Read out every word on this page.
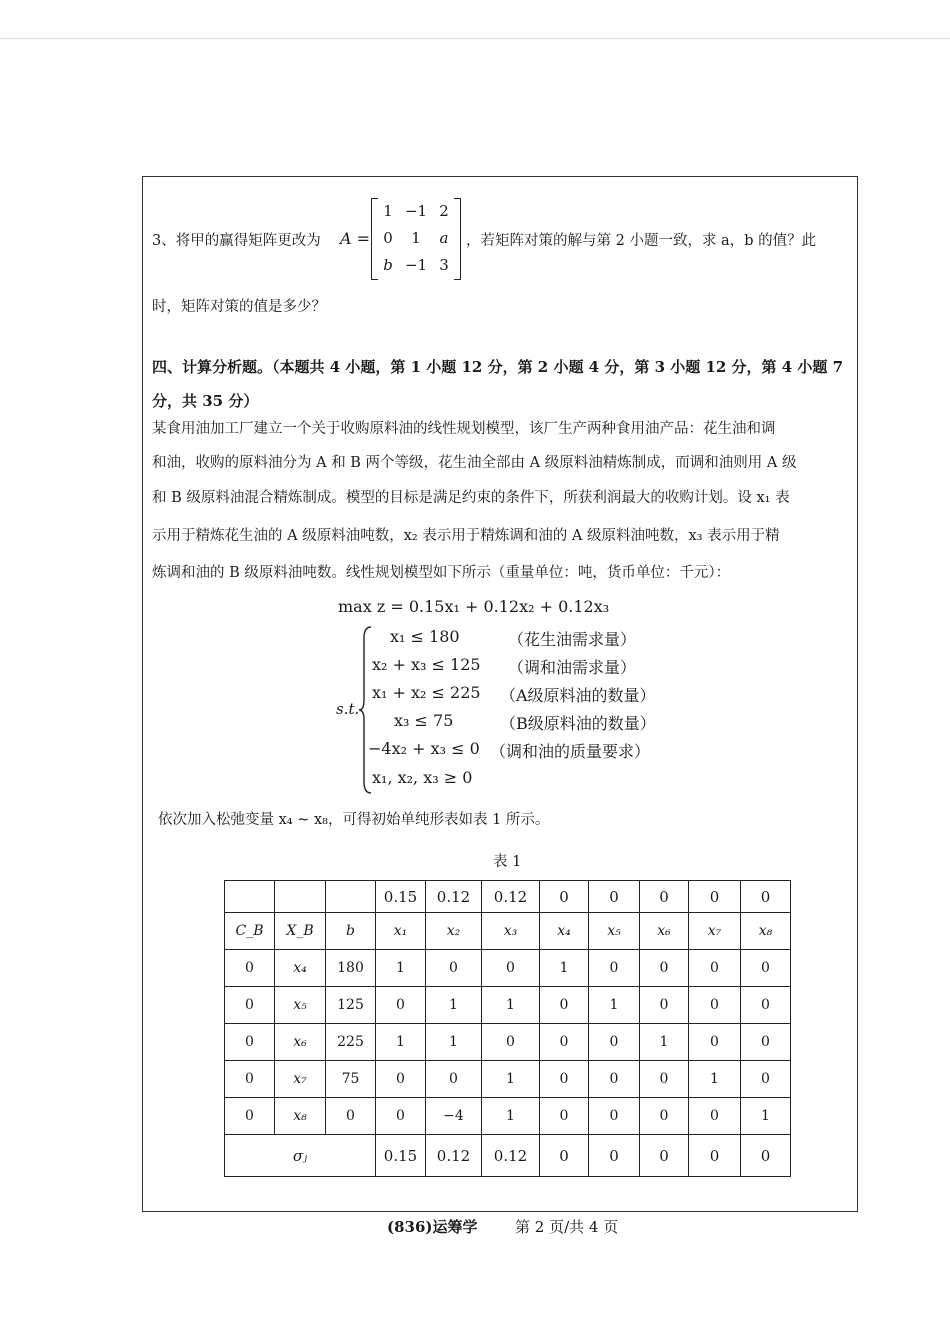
3、将甲的赢得矩阵更改为 A =
1 −1 2
0	1	a
b −1 3
，若矩阵对策的解与第 2 小题一致，求 a，b 的值？此
时，矩阵对策的值是多少？
四、计算分析题。（本题共 4 小题，第 1 小题 12 分，第 2 小题 4 分，第 3 小题 12 分，第 4 小题 7
分，共 35 分）
某食用油加工厂建立一个关于收购原料油的线性规划模型，该厂生产两种食用油产品：花生油和调
和油，收购的原料油分为 A 和 B 两个等级，花生油全部由 A 级原料油精炼制成，而调和油则用 A 级
和 B 级原料油混合精炼制成。模型的目标是满足约束的条件下，所获利润最大的收购计划。设 x₁ 表
示用于精炼花生油的 A 级原料油吨数，x₂ 表示用于精炼调和油的 A 级原料油吨数，x₃ 表示用于精
炼调和油的 B 级原料油吨数。线性规划模型如下所示（重量单位：吨，货币单位：千元）：
max z = 0.15x₁ + 0.12x₂ + 0.12x₃
s.t.
x₁ ≤ 180
x₂ + x₃ ≤ 125
x₁ + x₂ ≤ 225
x₃ ≤ 75
−4x₂ + x₃ ≤ 0
x₁, x₂, x₃ ≥ 0
（花生油需求量）
（调和油需求量）
（A级原料油的数量）
（B级原料油的数量）
（调和油的质量要求）
依次加入松弛变量 x₄ ~ x₈，可得初始单纯形表如表 1 所示。
表 1
			0.15	0.12	0.12	0	0	0	0	0
C_B	X_B	b	x₁	x₂	x₃	x₄	x₅	x₆	x₇	x₈
0	x₄	180	1	0	0	1	0	0	0	0
0	x₅	125	0	1	1	0	1	0	0	0
0	x₆	225	1	1	0	0	0	1	0	0
0	x₇	75	0	0	1	0	0	0	1	0
0	x₈	0	0	−4	1	0	0	0	0	1
σⱼ			0.15	0.12	0.12	0	0	0	0	0
(836)运筹学 第 2 页/共 4 页
